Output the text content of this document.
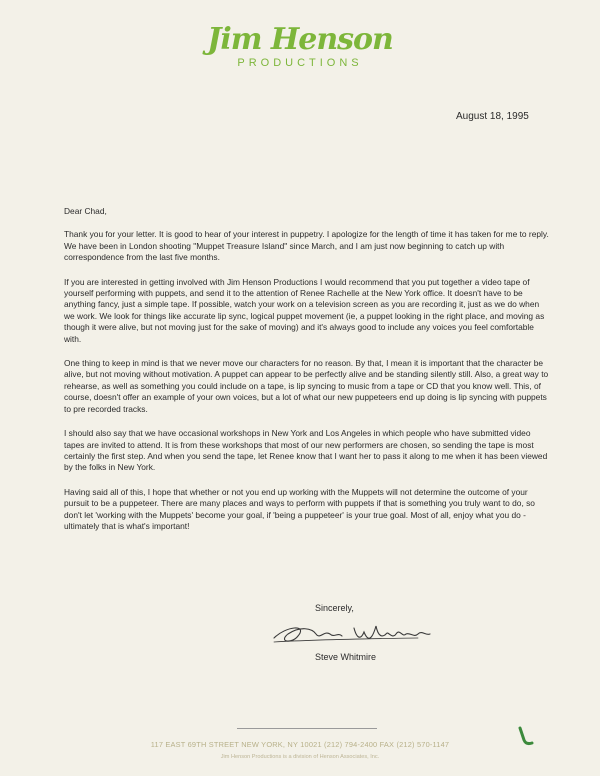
Jim Henson
PRODUCTIONS
August 18, 1995

Dear Chad,

Thank you for your letter. It is good to hear of your interest in puppetry. I apologize for the length of time it has taken for me to reply. We have been in London shooting "Muppet Treasure Island" since March, and I am just now beginning to catch up with correspondence from the last five months.

If you are interested in getting involved with Jim Henson Productions I would recommend that you put together a video tape of yourself performing with puppets, and send it to the attention of Renee Rachelle at the New York office. It doesn't have to be anything fancy, just a simple tape. If possible, watch your work on a television screen as you are recording it, just as we do when we work. We look for things like accurate lip sync, logical puppet movement (ie, a puppet looking in the right place, and moving as though it were alive, but not moving just for the sake of moving) and it's always good to include any voices you feel comfortable with.

One thing to keep in mind is that we never move our characters for no reason. By that, I mean it is important that the character be alive, but not moving without motivation. A puppet can appear to be perfectly alive and be standing silently still. Also, a great way to rehearse, as well as something you could include on a tape, is lip syncing to music from a tape or CD that you know well. This, of course, doesn't offer an example of your own voices, but a lot of what our new puppeteers end up doing is lip syncing with puppets to pre recorded tracks.

I should also say that we have occasional workshops in New York and Los Angeles in which people who have submitted video tapes are invited to attend. It is from these workshops that most of our new performers are chosen, so sending the tape is most certainly the first step. And when you send the tape, let Renee know that I want her to pass it along to me when it has been viewed by the folks in New York.

Having said all of this, I hope that whether or not you end up working with the Muppets will not determine the outcome of your pursuit to be a puppeteer. There are many places and ways to perform with puppets if that is something you truly want to do, so don't let 'working with the Muppets' become your goal, if 'being a puppeteer' is your true goal. Most of all, enjoy what you do - ultimately that is what's important!

Sincerely,
Steve Whitmire
117 EAST 69TH STREET NEW YORK, NY 10021 (212) 794-2400 FAX (212) 570-1147
Jim Henson Productions is a division of Henson Associates, Inc.
